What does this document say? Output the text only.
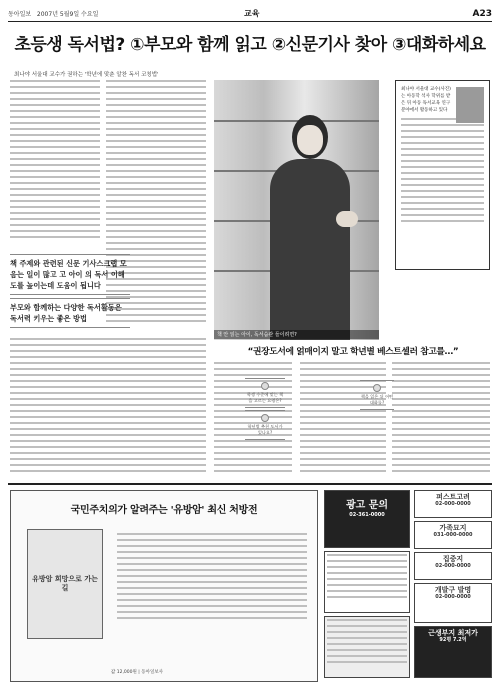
동아일보 2007년 5월9일 수요일	교육	A23
초등생 독서법? ①부모와 함께 읽고 ②신문기사 찾아 ③대화하세요
최나야 서울대 교수가 권하는 '학년에 맞춘 알찬 독서 코칭법'
책 주제와 관련된 신문 기사스크랩 모음는 일이 많고 고 아이 의 독서 이해도를 높이는데 도움이 됩니다
부모와 함께하는 다양한 독서활동은 독서력 키우는 좋은 방법
책 안 읽는 아이, 독서습관 들이려면?
최나야 서울대 교수(사진)는 아동학 석사 학위를 받은 뒤 아동 독서교육 연구 분야에서 활동하고 있다
“권장도서에 얽매이지 말고 학년별 베스트셀러 참고를…”
학생 수준에 맞는 책을 고르는 요령은?
학년별 추천 도서가 있나요?
책을 읽은 뒤 어떤 대화를?
국민주치의가 알려주는 '유방암' 최신 처방전
유방암 희망으로 가는 길
값 12,000원 | 동아일보사
광고 문의
02-361-0000
퍼스트고려
02-000-0000
가족묘지
031-000-0000
집중지
02-000-0000
개발구 발명
02-000-0000
근생부지 최저가
92평 7.2억
